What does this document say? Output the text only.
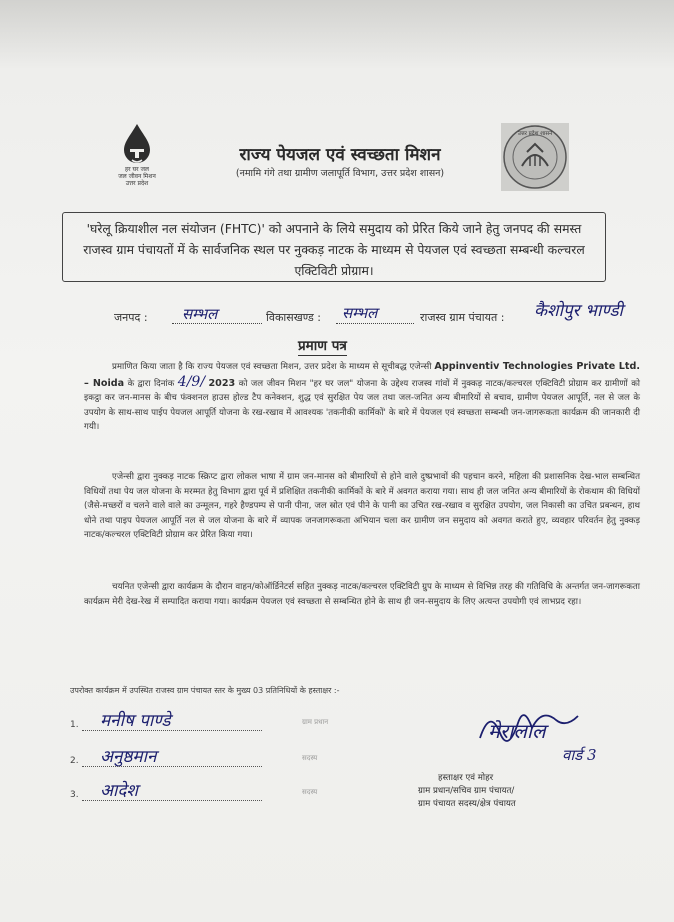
हर घर जल
जल जीवन मिशन
उत्तर प्रदेश
राज्य पेयजल एवं स्वच्छता मिशन
(नमामि गंगे तथा ग्रामीण जलापूर्ति विभाग, उत्तर प्रदेश शासन)
उत्तर प्रदेश शासन
'घरेलू क्रियाशील नल संयोजन (FHTC)' को अपनाने के लिये समुदाय को प्रेरित किये जाने हेतु जनपद की समस्त राजस्व ग्राम पंचायतों में के सार्वजनिक स्थल पर नुक्कड़ नाटक के माध्यम से पेयजल एवं स्वच्छता सम्बन्धी कल्चरल एक्टिविटी प्रोग्राम।
जनपद : सम्भल	विकासखण्ड : सम्भल	राजस्व ग्राम पंचायत : कैशोपुर भाण्डी
प्रमाण पत्र
प्रमाणित किया जाता है कि राज्य पेयजल एवं स्वच्छता मिशन, उत्तर प्रदेश के माध्यम से सूचीबद्ध एजेन्सी Appinventiv Technologies Private Ltd. – Noida के द्वारा दिनांक 4/9/ 2023 को जल जीवन मिशन "हर घर जल" योजना के उद्देश्य राजस्व गांवों में नुक्कड़ नाटक/कल्चरल एक्टिविटी प्रोग्राम कर ग्रामीणों को इकट्ठा कर जन-मानस के बीच फंक्शनल हाउस होल्ड टैप कनेक्शन, शुद्ध एवं सुरक्षित पेय जल तथा जल-जनित अन्य बीमारियों से बचाव, ग्रामीण पेयजल आपूर्ति, नल से जल के उपयोग के साथ-साथ पाईप पेयजल आपूर्ति योजना के रख-रखाव में आवश्यक 'तकनीकी कार्मिकों' के बारे में पेयजल एवं स्वच्छता सम्बन्धी जन-जागरूकता कार्यक्रम की जानकारी दी गयी।
एजेन्सी द्वारा नुक्कड़ नाटक स्क्रिप्ट द्वारा लोकल भाषा में ग्राम जन-मानस को बीमारियों से होने वाले दुष्प्रभावों की पहचान करने, महिला की प्रशासनिक देख-भाल सम्बन्धित विधियों तथा पेय जल योजना के मरम्मत हेतु विभाग द्वारा पूर्व में प्रशिक्षित तकनीकी कार्मिकों के बारे में अवगत कराया गया। साथ ही जल जनित अन्य बीमारियों के रोकथाम की विधियों (जैसे-मच्छरों व चलने वाले वाले का उन्मूलन, गहरे हैण्डपम्प से पानी पीना, जल स्रोत एवं पीने के पानी का उचित रख-रखाव व सुरक्षित उपयोग, जल निकासी का उचित प्रबन्धन, हाथ धोने तथा पाइप पेयजल आपूर्ति नल से जल योजना के बारे में व्यापक जनजागरूकता अभियान चला कर ग्रामीण जन समुदाय को अवगत कराते हुए, व्यवहार परिवर्तन हेतु नुक्कड़ नाटक/कल्चरल एक्टिविटी प्रोग्राम कर प्रेरित किया गया।
चयनित एजेन्सी द्वारा कार्यक्रम के दौरान वाहन/कोऑर्डिनेटर्स सहित नुक्कड़ नाटक/कल्चरल एक्टिविटी ग्रुप के माध्यम से विभिन्न तरह की गतिविधि के अन्तर्गत जन-जागरूकता कार्यक्रम मेरी देख-रेख में सम्पादित कराया गया। कार्यक्रम पेयजल एवं स्वच्छता से सम्बन्धित होने के साथ ही जन-समुदाय के लिए अत्यन्त उपयोगी एवं लाभप्रद रहा।
उपरोक्त कार्यक्रम में उपस्थित राजस्व ग्राम पंचायत स्तर के मुख्य 03 प्रतिनिधियों के हस्ताक्षर :-
1. मनीष पाण्डे	ग्राम प्रधान
2. अनुष्ठमान	सदस्य
3. आदेश	सदस्य
मेरालाल
वार्ड 3
हस्ताक्षर एवं मोहर
ग्राम प्रधान/सचिव ग्राम पंचायत/
ग्राम पंचायत सदस्य/क्षेत्र पंचायत
